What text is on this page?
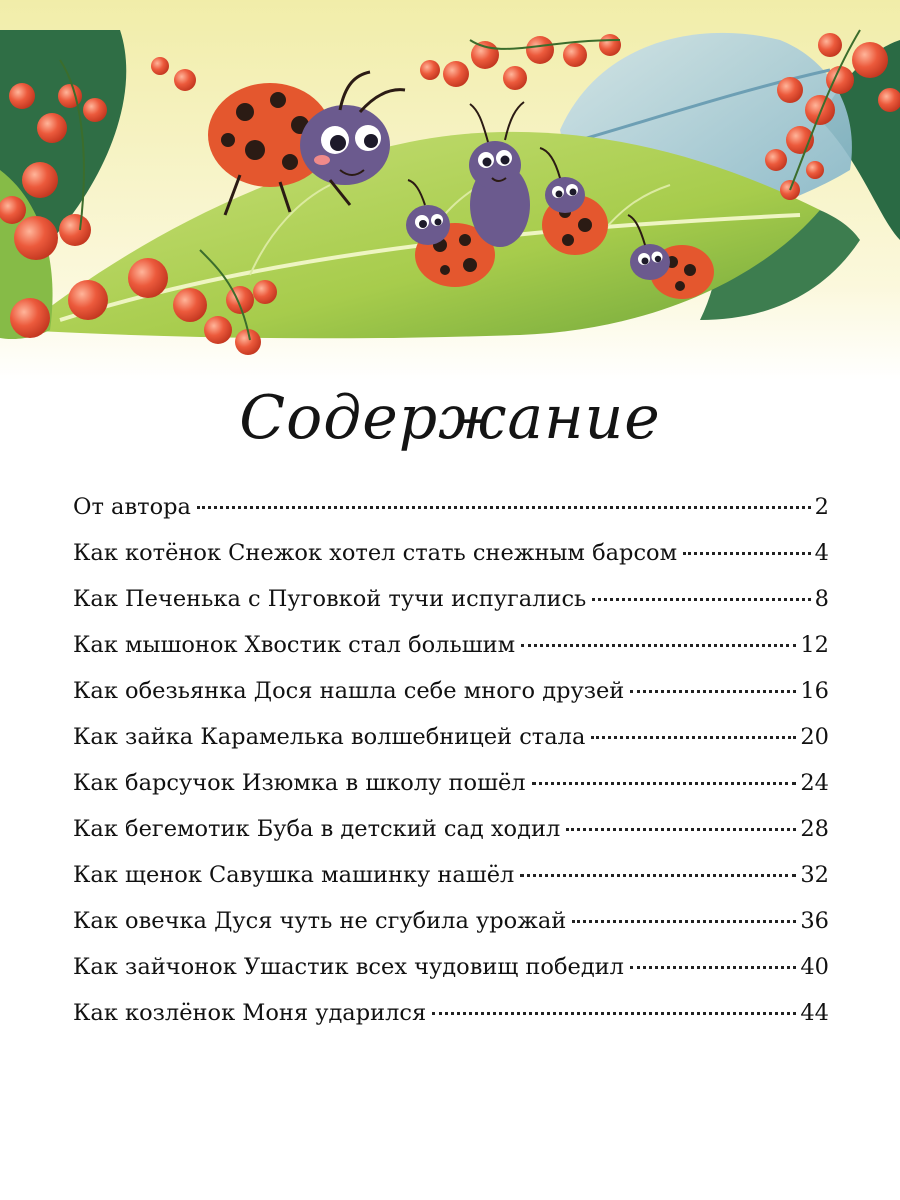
Содержание
От автора	2
Как котёнок Снежок хотел стать снежным барсом	4
Как Печенька с Пуговкой тучи испугались	8
Как мышонок Хвостик стал большим	12
Как обезьянка Дося нашла себе много друзей	16
Как зайка Карамелька волшебницей стала	20
Как барсучок Изюмка в школу пошёл	24
Как бегемотик Буба в детский сад ходил	28
Как щенок Савушка машинку нашёл	32
Как овечка Дуся чуть не сгубила урожай	36
Как зайчонок Ушастик всех чудовищ победил	40
Как козлёнок Моня ударился	44
